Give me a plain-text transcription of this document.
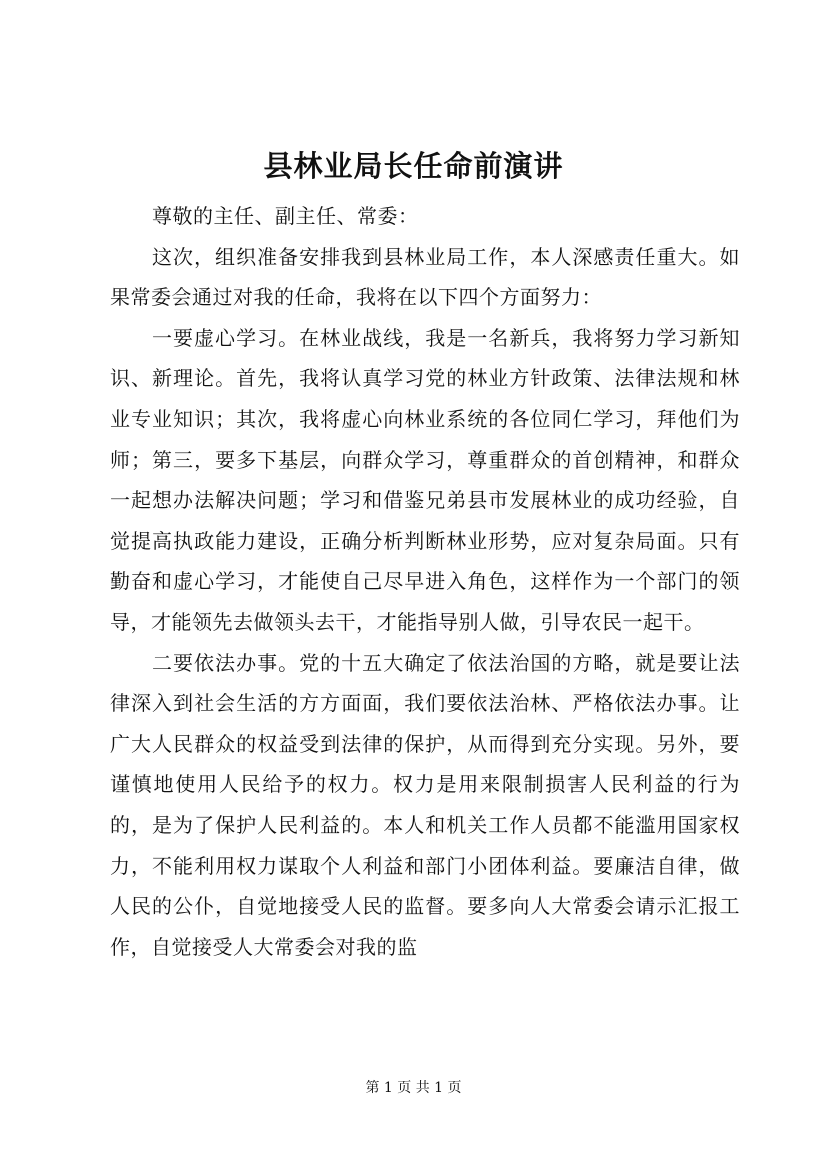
县林业局长任命前演讲

尊敬的主任、副主任、常委：

这次，组织准备安排我到县林业局工作，本人深感责任重大。如果常委会通过对我的任命，我将在以下四个方面努力：

一要虚心学习。在林业战线，我是一名新兵，我将努力学习新知识、新理论。首先，我将认真学习党的林业方针政策、法律法规和林业专业知识；其次，我将虚心向林业系统的各位同仁学习，拜他们为师；第三，要多下基层，向群众学习，尊重群众的首创精神，和群众一起想办法解决问题；学习和借鉴兄弟县市发展林业的成功经验，自觉提高执政能力建设，正确分析判断林业形势，应对复杂局面。只有勤奋和虚心学习，才能使自己尽早进入角色，这样作为一个部门的领导，才能领先去做领头去干，才能指导别人做，引导农民一起干。

二要依法办事。党的十五大确定了依法治国的方略，就是要让法律深入到社会生活的方方面面，我们要依法治林、严格依法办事。让广大人民群众的权益受到法律的保护，从而得到充分实现。另外，要谨慎地使用人民给予的权力。权力是用来限制损害人民利益的行为的，是为了保护人民利益的。本人和机关工作人员都不能滥用国家权力，不能利用权力谋取个人利益和部门小团体利益。要廉洁自律，做人民的公仆，自觉地接受人民的监督。要多向人大常委会请示汇报工作，自觉接受人大常委会对我的监

第 1 页 共 1 页
